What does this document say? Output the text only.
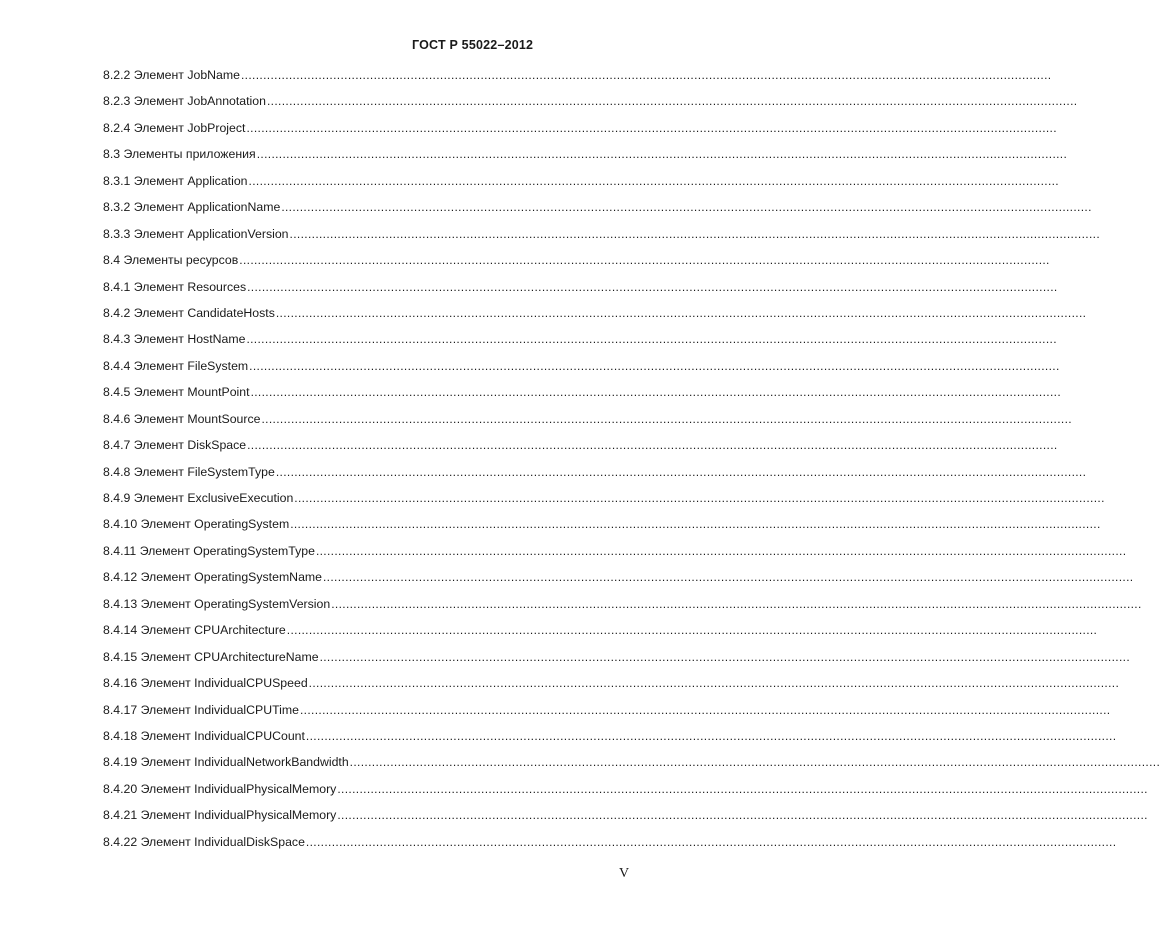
ГОСТ Р 55022–2012
8.2.2 Элемент JobName ............................................................................................................................................................................................................................
8.2.3 Элемент JobAnnotation ............................................................................................................................................................................................................................
8.2.4 Элемент JobProject ............................................................................................................................................................................................................................
8.3 Элементы приложения ............................................................................................................................................................................................................................
8.3.1 Элемент Application ............................................................................................................................................................................................................................
8.3.2 Элемент ApplicationName ............................................................................................................................................................................................................................
8.3.3 Элемент ApplicationVersion ............................................................................................................................................................................................................................
8.4 Элементы ресурсов ............................................................................................................................................................................................................................
8.4.1 Элемент Resources ............................................................................................................................................................................................................................
8.4.2 Элемент CandidateHosts ............................................................................................................................................................................................................................
8.4.3 Элемент HostName ............................................................................................................................................................................................................................
8.4.4 Элемент FileSystem ............................................................................................................................................................................................................................
8.4.5 Элемент MountPoint ............................................................................................................................................................................................................................
8.4.6 Элемент MountSource ............................................................................................................................................................................................................................
8.4.7 Элемент DiskSpace ............................................................................................................................................................................................................................
8.4.8 Элемент FileSystemType ............................................................................................................................................................................................................................
8.4.9 Элемент ExclusiveExecution ............................................................................................................................................................................................................................
8.4.10 Элемент OperatingSystem ............................................................................................................................................................................................................................
8.4.11 Элемент OperatingSystemType ............................................................................................................................................................................................................................
8.4.12 Элемент OperatingSystemName ............................................................................................................................................................................................................................
8.4.13 Элемент OperatingSystemVersion ............................................................................................................................................................................................................................
8.4.14 Элемент CPUArchitecture ............................................................................................................................................................................................................................
8.4.15 Элемент CPUArchitectureName ............................................................................................................................................................................................................................
8.4.16 Элемент IndividualCPUSpeed ............................................................................................................................................................................................................................
8.4.17 Элемент IndividualCPUTime ............................................................................................................................................................................................................................
8.4.18 Элемент IndividualCPUCount ............................................................................................................................................................................................................................
8.4.19 Элемент IndividualNetworkBandwidth ............................................................................................................................................................................................................................
8.4.20 Элемент IndividualPhysicalMemory ............................................................................................................................................................................................................................
8.4.21 Элемент IndividualPhysicalMemory ............................................................................................................................................................................................................................
8.4.22 Элемент IndividualDiskSpace ............................................................................................................................................................................................................................
V
